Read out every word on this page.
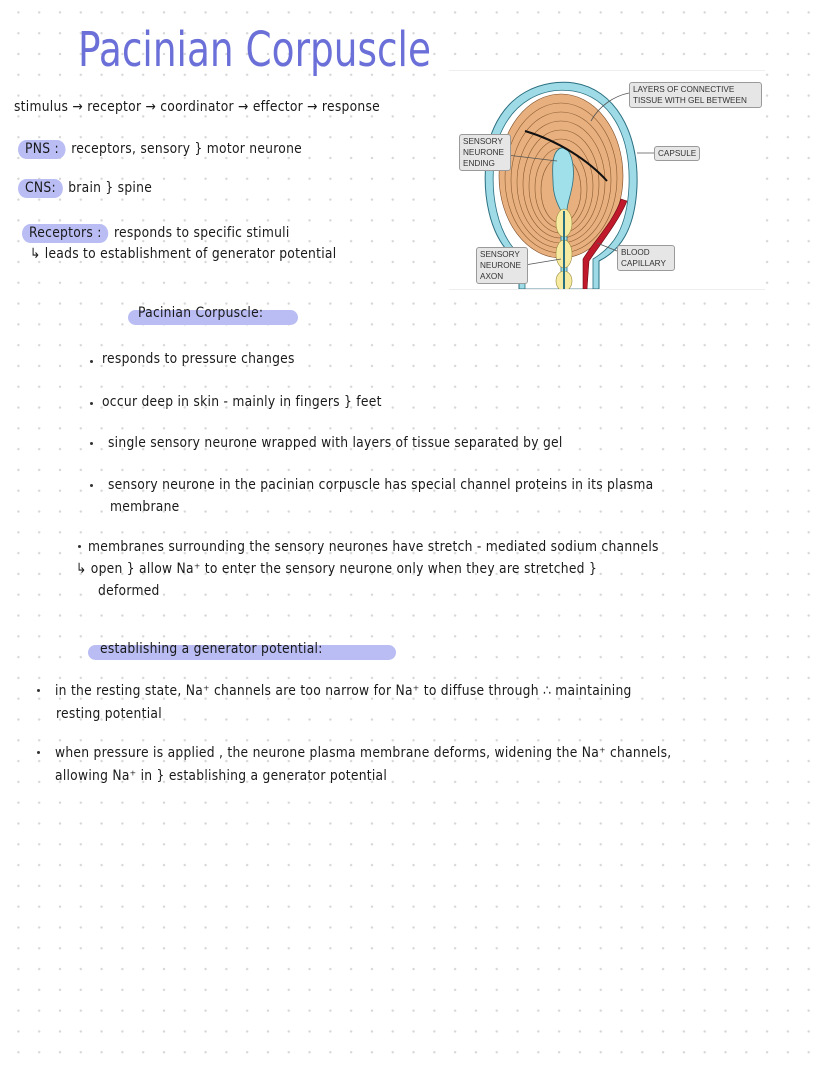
Pacinian Corpuscle
stimulus → receptor → coordinator → effector → response
PNS : receptors, sensory } motor neurone
CNS: brain } spine
Receptors : responds to specific stimuli
↳ leads to establishment of generator potential
LAYERS OF CONNECTIVE TISSUE WITH GEL BETWEEN
CAPSULE
SENSORY NEURONE ENDING
SENSORY NEURONE AXON
BLOOD CAPILLARY
Pacinian Corpuscle:
responds to pressure changes
occur deep in skin - mainly in fingers } feet
single sensory neurone wrapped with layers of tissue separated by gel
sensory neurone in the pacinian corpuscle has special channel proteins in its plasma
membrane
membranes surrounding the sensory neurones have stretch - mediated sodium channels
↳ open } allow Na⁺ to enter the sensory neurone only when they are stretched }
deformed
establishing a generator potential:
in the resting state, Na⁺ channels are too narrow for Na⁺ to diffuse through ∴ maintaining
resting potential
when pressure is applied , the neurone plasma membrane deforms, widening the Na⁺ channels,
allowing Na⁺ in } establishing a generator potential
